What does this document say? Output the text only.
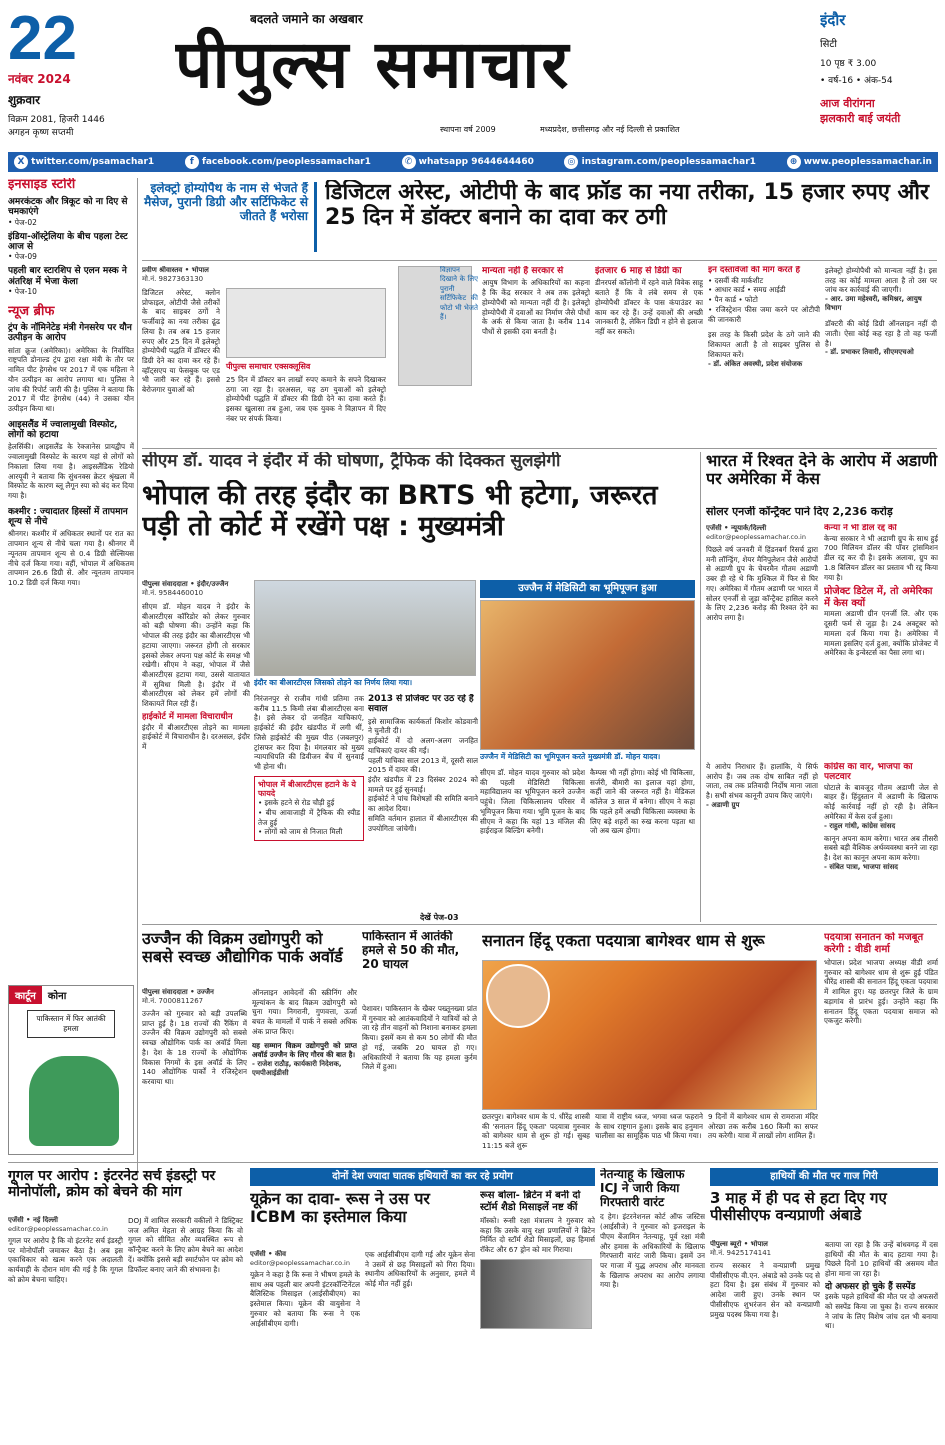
22
नवंबर 2024
शुक्रवार
विक्रम 2081, हिजरी 1446
अगहन कृष्ण सप्तमी
बदलते जमाने का अखबार
पीपुल्स समाचार
स्थापना वर्ष 2009	मध्यप्रदेश, छत्तीसगढ़ और नई दिल्ली से प्रकाशित
इंदौर
सिटी
10 पृष्ठ ₹ 3.00
• वर्ष-16 • अंक-54
आज वीरांगना
झलकारी बाई जयंती
X twitter.com/psamachar1	f facebook.com/peoplessamachar1	✆ whatsapp 9644644460	◎ instagram.com/peoplessamachar1	⊕ www.peoplessamachar.in
इनसाइड स्टोरी
अमरकंटक और त्रिकूट को ना दिए से चमकाएंगे
• पेज-02
इंडिया-ऑस्ट्रेलिया के बीच पहला टेस्ट आज से
• पेज-09
पहली बार स्टारशिप से एलन मस्क ने अंतरिक्ष में भेजा केला
• पेज-10
न्यूज ब्रीफ
ट्रंप के नॉमिनेटेड मंत्री गेनसरेय पर यौन उत्पीड़न के आरोप
सांता क्रूज (अमेरिका)। अमेरिका के निर्वाचित राष्ट्रपति डोनाल्ड ट्रंप द्वारा रक्षा मंत्री के तौर पर नामित पीट हेगसेथ पर 2017 में एक महिला ने यौन उत्पीड़न का आरोप लगाया था। पुलिस ने जांच की रिपोर्ट जारी की है। पुलिस ने बताया कि 2017 में पीट हेगसेथ (44) ने उसका यौन उत्पीड़न किया था।
आइसलैंड में ज्वालामुखी विस्फोट, लोगों को हटाया
हेलसिंकी। आइसलैंड के रेक्जानेस प्रायद्वीप में ज्वालामुखी विस्फोट के कारण यहां से लोगों को निकाला लिया गया है। आइसलैंडिक रेडियो आरयूवी ने बताया कि सुंधनक्स क्रेटर श्रृंखला में विस्फोट के कारण ब्लू लैगून स्पा को बंद कर दिया गया है।
कश्मीर : ज्यादातर हिस्सों में तापमान शून्य से नीचे
श्रीनगर। कश्मीर में अधिकतर स्थानों पर रात का तापमान शून्य से नीचे चला गया है। श्रीनगर में न्यूनतम तापमान शून्य से 0.4 डिग्री सेल्सियस नीचे दर्ज किया गया। वहीं, भोपाल में अधिकतम तापमान 26.6 डिग्री से. और न्यूनतम तापमान 10.2 डिग्री दर्ज किया गया।
इलेक्ट्रो होम्योपैथ के नाम से भेजते हैं मैसेज, पुरानी डिग्री और सर्टिफिकेट से जीतते हैं भरोसा
डिजिटल अरेस्ट, ओटीपी के बाद फ्रॉड का नया तरीका, 15 हजार रुपए और 25 दिन में डॉक्टर बनाने का दावा कर ठगी
प्रवीण श्रीवास्तव • भोपाल
मो.नं. 9827363130
डिजिटल अरेस्ट, क्लोन प्रोफाइल, ओटीपी जैसे तरीकों के बाद साइबर ठगों ने फर्जीवाड़े का नया तरीका ढूंढ लिया है। तब अब 15 हजार रुपए और 25 दिन में इलेक्ट्रो होम्योपैथी पद्धति में डॉक्टर की डिग्री देने का दावा कर रहे हैं। व्हॉट्सएप या फेसबुक पर एड भी जारी कर रहे हैं। इससे बेरोजगार युवाओं को
पीपुल्स समाचार एक्सक्लूसिव
25 दिन में डॉक्टर बन लाखों रुपए कमाने के सपने दिखाकर ठगा जा रहा है। दरअसल, यह ठग युवाओं को इलेक्ट्रो होम्योपैथी पद्धति में डॉक्टर की डिग्री देने का दावा करते हैं। इसका खुलासा तब हुआ, जब एक युवक ने विज्ञापन में दिए नंबर पर संपर्क किया।
विज्ञापन दिखाने के लिए पुरानी सर्टिफिकेट की फोटो भी भेजते हैं।
मान्यता नहीं है सरकार से
आयुष विभाग के अधिकारियों का कहना है कि केंद्र सरकार ने अब तक इलेक्ट्रो होम्योपैथी को मान्यता नहीं दी है। इलेक्ट्रो होम्योपैथी में दवाओं का निर्माण जैसे पौधों के अर्क से किया जाता है। करीब 114 पौधों से इसकी दवा बनती है।
इंतजार 6 माह से डिग्री का
डीनरपर्स कॉलोनी में रहने वाले विवेक साहू बताते हैं कि वे लंबे समय से एक होम्योपैथी डॉक्टर के पास कंपाउंडर का काम कर रहे हैं। उन्हें दवाओं की अच्छी जानकारी है, लेकिन डिग्री न होने से इलाज नहीं कर सकते।
इन दस्तावेजों की मांग करते हैं
• दसवीं की मार्कशीट
• आधार कार्ड • समग्र आईडी
• पैन कार्ड • फोटो
• रजिस्ट्रेशन फीस जमा करने पर ओटीपी की जानकारी
इस तरह के किसी प्रदेश के ठगे जाने की शिकायत आती है तो साइबर पुलिस से शिकायत करें।
- डॉ. अंकित अवस्थी, प्रदेश संयोजक
इलेक्ट्रो होम्योपैथी को मान्यता नहीं है। इस तरह का कोई मामला आता है तो उस पर जांच कर कार्रवाई की जाएगी।
- आर. उमा महेश्वरी, कमिश्नर, आयुष विभाग
डॉक्टरी की कोई डिग्री ऑनलाइन नहीं दी जाती। ऐसा कोई कह रहा है तो वह फर्जी है।
- डॉ. प्रभाकर तिवारी, सीएमएचओ
सीएम डॉ. यादव ने इंदौर में की घोषणा, ट्रैफिक की दिक्कत सुलझेगी
भोपाल की तरह इंदौर का BRTS भी हटेगा, जरूरत पड़ी तो कोर्ट में रखेंगे पक्ष : मुख्यमंत्री
पीपुल्स संवाददाता • इंदौर/उज्जैन
मो.नं. 9584460010
सीएम डॉ. मोहन यादव ने इंदौर के बीआरटीएस कॉरिडोर को लेकर गुरुवार को बड़ी घोषणा की। उन्होंने कहा कि भोपाल की तरह इंदौर का बीआरटीएस भी हटाया जाएगा। जरूरत होगी तो सरकार इसको लेकर अपना पक्ष कोर्ट के समक्ष भी रखेगी। सीएम ने कहा, भोपाल में जैसे बीआरटीएस हटाया गया, उससे यातायात में सुविधा मिली है। इंदौर में भी बीआरटीएस को लेकर हमें लोगों की शिकायतें मिल रही हैं।
हाईकोर्ट में मामला विचाराधीन
इंदौर में बीआरटीएस तोड़ने का मामला हाईकोर्ट में विचाराधीन है। दरअसल, इंदौर में
इंदौर का बीआरटीएस जिसको तोड़ने का निर्णय लिया गया।
निरंजनपुर से राजीव गांधी प्रतिमा तक करीब 11.5 किमी लंबा बीआरटीएस बना है। इसे लेकर दो जनहित याचिकाएं, हाईकोर्ट की इंदौर खंडपीठ में लगी थीं, जिसे हाईकोर्ट की मुख्य पीठ (जबलपुर) ट्रांसफर कर दिया है। मंगलवार को मुख्य न्यायाधिपति की डिवीजन बेंच में सुनवाई भी होना थी।
भोपाल में बीआरटीएस हटाने के ये फायदे
• इसके हटने से रोड चौड़ी हुई
• बीच आवाजाही में ट्रैफिक की स्पीड तेज हुई
• लोगों को जाम से निजात मिली
2013 से प्रोजेक्ट पर उठ रहे हैं सवाल
इसे सामाजिक कार्यकर्ता किशोर कोडवानी ने चुनौती दी।
हाईकोर्ट में दो अलग-अलग जनहित याचिकाएं दायर की गईं।
पहली याचिका साल 2013 में, दूसरी साल 2015 में दायर की।
इंदौर खंडपीठ में 23 दिसंबर 2024 को मामले पर हुई सुनवाई।
हाईकोर्ट ने पांच विशेषज्ञों की समिति बनाने का आदेश दिया।
समिति वर्तमान हालात में बीआरटीएस की उपयोगिता जांचेगी।
देखें पेज-03
उज्जैन में मेडिसिटी का भूमिपूजन हुआ
उज्जैन में मेडिसिटी का भूमिपूजन करते मुख्यमंत्री डॉ. मोहन यादव।
सीएम डॉ. मोहन यादव गुरुवार को प्रदेश की पहली मेडिसिटी चिकित्सा महाविद्यालय का भूमिपूजन करने उज्जैन पहुंचे। जिला चिकित्सालय परिसर में भूमिपूजन किया गया। भूमि पूजन के बाद सीएम ने कहा कि यहां 13 मंजिल की हाईराइज बिल्डिंग बनेगी।
कैम्पस भी नहीं होगा। कोई भी चिकित्सा, सर्जरी, बीमारी का इलाज यहां होगा, कहीं जाने की जरूरत नहीं है। मेडिकल कॉलेज 3 साल में बनेगा। सीएम ने कहा कि पहले हमें अच्छी चिकित्सा व्यवस्था के लिए बड़े शहरों का रुख करना पड़ता था जो अब खत्म होगा।
भारत में रिश्वत देने के आरोप में अडाणी पर अमेरिका में केस
सोलर एनर्जी कॉन्ट्रैक्ट पाने दिए 2,236 करोड़
एजेंसी • न्यूयार्क/दिल्ली
editor@peoplessamachar.co.in
पिछले वर्ष जनवरी में हिंडनबर्ग रिसर्च द्वारा मनी लॉन्ड्रिंग, शेयर मैनिपुलेशन जैसे आरोपों से अडाणी ग्रुप के चेयरमैन गौतम अडाणी उबर ही रहे थे कि मुश्किल में फिर से घिर गए। अमेरिका में गौतम अडाणी पर भारत में सोलर एनर्जी से जुड़ा कॉन्ट्रैक्ट हासिल करने के लिए 2,236 करोड़ की रिश्वत देने का आरोप लगा है।
केन्या ने भी डील रद्द की
केन्या सरकार ने भी अडाणी ग्रुप के साथ हुई 700 मिलियन डॉलर की पॉवर ट्रांसमिशन डील रद्द कर दी है। इसके अलावा, ग्रुप का 1.8 बिलियन डॉलर का प्रस्ताव भी रद्द किया गया है।
प्रोजेक्ट डिटेल में, तो अमेरिका में केस क्यों
मामला अडाणी ग्रीन एनर्जी लि. और एक दूसरी फर्म से जुड़ा है। 24 अक्टूबर को मामला दर्ज किया गया है। अमेरिका में मामला इसलिए दर्ज हुआ, क्योंकि प्रोजेक्ट में अमेरिका के इन्वेस्टर्स का पैसा लगा था।
ये आरोप निराधार हैं। हालांकि, ये सिर्फ आरोप हैं। जब तक दोष साबित नहीं हो जाता, तब तक प्रतिवादी निर्दोष माना जाता है। सभी संभव कानूनी उपाय किए जाएंगे।
- अडाणी ग्रुप
कांग्रेस का वार, भाजपा का पलटवार
घोटाले के बावजूद गौतम अडाणी जेल से बाहर हैं। हिंदुस्तान में अडाणी के खिलाफ कोई कार्रवाई नहीं हो रही है। लेकिन अमेरिका में केस दर्ज हुआ।
- राहुल गांधी, कांग्रेस सांसद
कानून अपना काम करेगा। भारत अब तीसरी सबसे बड़ी वैश्विक अर्थव्यवस्था बनने जा रहा है। देश का कानून अपना काम करेगा।
- संबित पात्रा, भाजपा सांसद
उज्जैन की विक्रम उद्योगपुरी को सबसे स्वच्छ औद्योगिक पार्क अवॉर्ड
पीपुल्स संवाददाता • उज्जैन
मो.नं. 7000811267
उज्जैन को गुरुवार को बड़ी उपलब्धि प्राप्त हुई है। 18 राज्यों की रैंकिंग में उज्जैन की विक्रम उद्योगपुरी को सबसे स्वच्छ औद्योगिक पार्क का अवॉर्ड मिला है। देश के 18 राज्यों के औद्योगिक विकास निगमों के इस अवॉर्ड के लिए 140 औद्योगिक पार्कों ने रजिस्ट्रेशन करवाया था।
ऑनलाइन आवेदनों की स्क्रीनिंग और मूल्यांकन के बाद विक्रम उद्योगपुरी को चुना गया। निगरानी, गुणवत्ता, ऊर्जा बचत के मामलों में पार्क ने सबसे अधिक अंक प्राप्त किए।
यह सम्मान विक्रम उद्योगपुरी को प्राप्त अवॉर्ड उज्जैन के लिए गौरव की बात है।
- राजेश राठौड़, कार्यकारी निदेशक, एमपीआईडीसी
कार्टून	कोना
पाकिस्तान में फिर आतंकी हमला
पाकिस्तान में आतंकी हमले से 50 की मौत, 20 घायल
पेशावर। पाकिस्तान के खैबर पख्तूनख्वा प्रांत में गुरुवार को आतंकवादियों ने यात्रियों को ले जा रहे तीन वाहनों को निशाना बनाकर हमला किया। इसमें कम से कम 50 लोगों की मौत हो गई, जबकि 20 घायल हो गए। अधिकारियों ने बताया कि यह हमला कुर्रम जिले में हुआ।
सनातन हिंदू एकता पदयात्रा बागेश्वर धाम से शुरू
छतरपुर। बागेश्वर धाम के पं. धीरेंद्र शास्त्री की 'सनातन हिंदू एकता' पदयात्रा गुरुवार को बागेश्वर धाम से शुरू हो गई। सुबह 11:15 बजे शुरू
यात्रा में राष्ट्रीय ध्वज, भगवा ध्वज फहराने के साथ राष्ट्रगान हुआ। इसके बाद हनुमान चालीसा का सामूहिक पाठ भी किया गया।
9 दिनों में बागेश्वर धाम से रामराजा मंदिर ओरछा तक करीब 160 किमी का सफर तय करेगी। यात्रा में लाखों लोग शामिल हैं।
पदयात्रा सनातन को मजबूत करेगी : वीडी शर्मा
भोपाल। प्रदेश भाजपा अध्यक्ष वीडी शर्मा गुरुवार को बागेश्वर धाम से शुरू हुई पंडित धीरेंद्र शास्त्री की सनातन हिंदू एकता पदयात्रा में शामिल हुए। यह छतरपुर जिले के ग्राम बड़ागांव से प्रारंभ हुई। उन्होंने कहा कि सनातन हिंदू एकता पदयात्रा समाज को एकजुट करेगी।
गूगल पर आरोप : इंटरनेट सर्च इंडस्ट्री पर मोनोपॉली, क्रोम को बेचने की मांग
एजेंसी • नई दिल्ली
editor@peoplessamachar.co.in
गूगल पर आरोप है कि वो इंटरनेट सर्च इंडस्ट्री पर मोनोपॉली जमाकर बैठा है। अब इस एकाधिकार को खत्म करने एक अदालती कार्यवाही के दौरान मांग की गई है कि गूगल को क्रोम बेचना चाहिए।
DOJ में शामिल सरकारी वकीलों ने डिस्ट्रिक्ट जज अमित मेहता से आग्रह किया कि वो गूगल को सीमित और व्यवस्थित रूप से कॉन्ट्रैक्ट करने के लिए क्रोम बेचने का आदेश दें। क्योंकि इससे बड़ी स्मार्टफोन पर क्रोम को डिफॉल्ट बनाए जाने की संभावना है।
दोनों देश ज्यादा घातक हथियारों का कर रहे प्रयोग
यूक्रेन का दावा- रूस ने उस पर ICBM का इस्तेमाल किया
एजेंसी • कीव
editor@peoplessamachar.co.in
यूक्रेन ने कहा है कि रूस ने भीषण हमले के साथ अब पहली बार अपनी इंटरकॉन्टिनेंटल बैलिस्टिक मिसाइल (आईसीबीएम) का इस्तेमाल किया। यूक्रेन की वायुसेना ने गुरुवार को बताया कि रूस ने एक आईसीबीएम दागी।
एक आईसीबीएम दागी गई और यूक्रेन सेना ने उसमें से छह मिसाइलों को गिरा दिया। स्थानीय अधिकारियों के अनुसार, हमले में कोई मौत नहीं हुई।
रूस बोला- ब्रिटेन में बनी दो स्टॉर्म शैडो मिसाइलें नष्ट कीं
मॉस्को। रूसी रक्षा मंत्रालय ने गुरुवार को कहा कि उसके वायु रक्षा प्रणालियों ने ब्रिटेन निर्मित दो स्टॉर्म शैडो मिसाइलों, छह हिमार्स रॉकेट और 67 ड्रोन को मार गिराया।
नेतन्याहू के खिलाफ ICJ ने जारी किया गिरफ्तारी वारंट
द हेग। इंटरनेशनल कोर्ट ऑफ जस्टिस (आईसीजे) ने गुरुवार को इजराइल के पीएम बेंजामिन नेतन्याहू, पूर्व रक्षा मंत्री और हमास के अधिकारियों के खिलाफ गिरफ्तारी वारंट जारी किया। इसमें उन पर गाजा में युद्ध अपराध और मानवता के खिलाफ अपराध का आरोप लगाया गया है।
हाथियों की मौत पर गाज गिरी
3 माह में ही पद से हटा दिए गए पीसीसीएफ वन्यप्राणी अंबाडे
पीपुल्स ब्यूरो • भोपाल
मो.नं. 9425174141
राज्य सरकार ने वन्यप्राणी प्रमुख पीसीसीएफ वी.एन. अंबाडे को उनके पद से हटा दिया है। इस संबंध में गुरुवार को आदेश जारी हुए। उनके स्थान पर पीसीसीएफ शुभरंजन सेन को वन्यप्राणी प्रमुख पदस्थ किया गया है।
बताया जा रहा है कि उन्हें बांधवगढ़ में दस हाथियों की मौत के बाद हटाया गया है। पिछले दिनों 10 हाथियों की असमय मौत होना माना जा रहा है।
दो अफसर हो चुके हैं सस्पेंड
इसके पहले हाथियों की मौत पर दो अफसरों को सस्पेंड किया जा चुका है। राज्य सरकार ने जांच के लिए विशेष जांच दल भी बनाया था।
